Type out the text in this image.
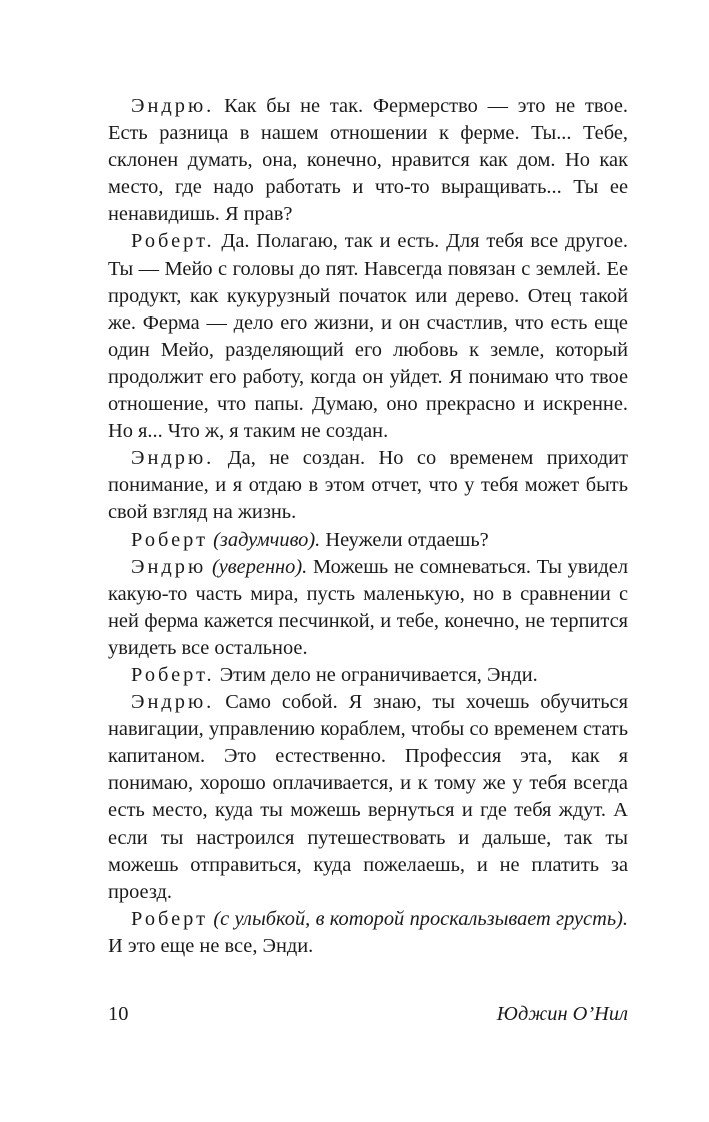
Эндрю. Как бы не так. Фермерство — это не твое. Есть разница в нашем отношении к ферме. Ты... Тебе, склонен думать, она, конечно, нравится как дом. Но как место, где надо работать и что-то выращивать... Ты ее ненавидишь. Я прав?

Роберт. Да. Полагаю, так и есть. Для тебя все другое. Ты — Мейо с головы до пят. Навсегда повязан с землей. Ее продукт, как кукурузный початок или дерево. Отец такой же. Ферма — дело его жизни, и он счастлив, что есть еще один Мейо, разделяющий его любовь к земле, который продолжит его работу, когда он уйдет. Я понимаю что твое отношение, что папы. Думаю, оно прекрасно и искренне. Но я... Что ж, я таким не создан.

Эндрю. Да, не создан. Но со временем приходит понимание, и я отдаю в этом отчет, что у тебя может быть свой взгляд на жизнь.

Роберт (задумчиво). Неужели отдаешь?

Эндрю (уверенно). Можешь не сомневаться. Ты увидел какую-то часть мира, пусть маленькую, но в сравнении с ней ферма кажется песчинкой, и тебе, конечно, не терпится увидеть все остальное.

Роберт. Этим дело не ограничивается, Энди.

Эндрю. Само собой. Я знаю, ты хочешь обучиться навигации, управлению кораблем, чтобы со временем стать капитаном. Это естественно. Профессия эта, как я понимаю, хорошо оплачивается, и к тому же у тебя всегда есть место, куда ты можешь вернуться и где тебя ждут. А если ты настроился путешествовать и дальше, так ты можешь отправиться, куда пожелаешь, и не платить за проезд.

Роберт (с улыбкой, в которой проскальзывает грусть). И это еще не все, Энди.

10	Юджин О’Нил
